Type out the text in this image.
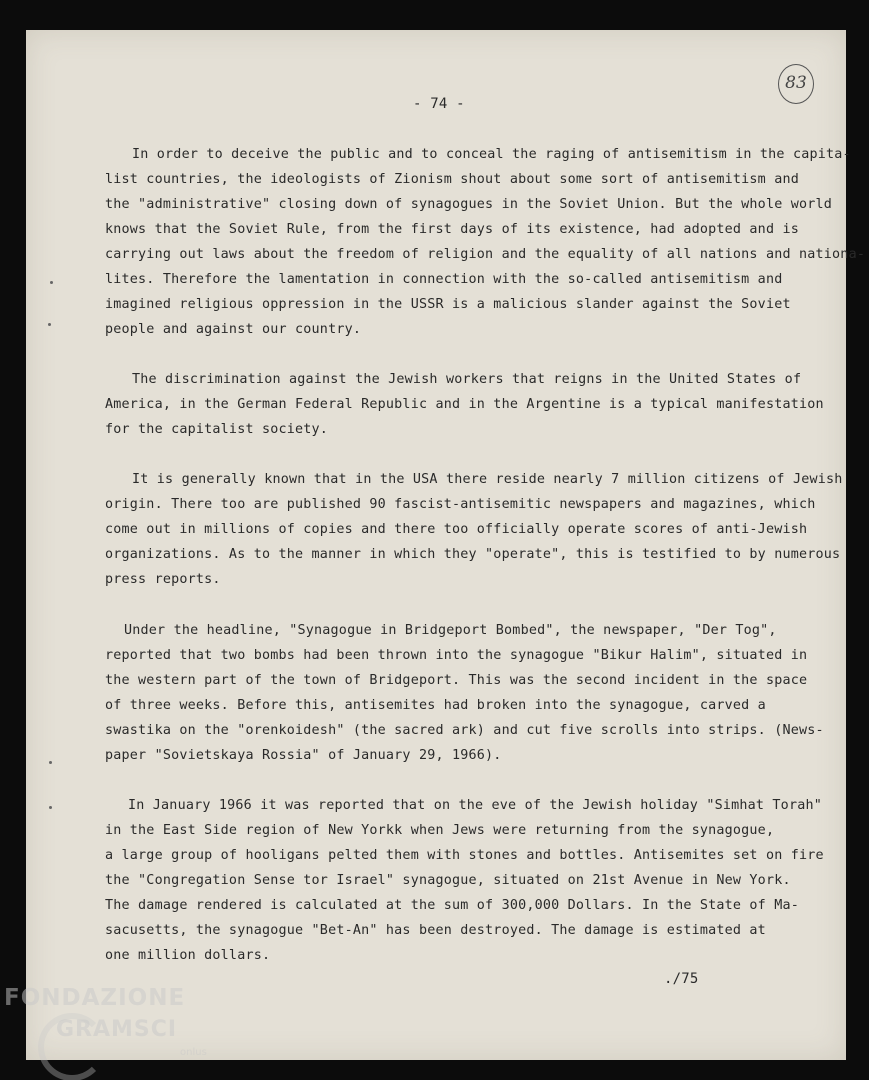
- 74 -
83

In order to deceive the public and to conceal the raging of antisemitism in the capita-

list countries, the ideologists of Zionism shout about some sort of antisemitism and

the "administrative" closing down of synagogues in the Soviet Union. But the whole world

knows that the Soviet Rule, from the first days of its existence, had adopted and is

carrying out laws about the freedom of religion and the equality of all nations and nationa-

lites. Therefore the lamentation in connection with the so-called antisemitism and

imagined religious oppression in the USSR is a malicious slander against the Soviet

people and against our country.

The discrimination against the Jewish workers that reigns in the United States of

America, in the German Federal Republic and in the Argentine is a typical manifestation

for the capitalist society.

It is generally known that in the USA there reside nearly 7 million citizens of Jewish

origin. There too are published 90 fascist-antisemitic newspapers and magazines, which

come out in millions of copies and there too officially operate scores of anti-Jewish

organizations. As to the manner in which they "operate", this is testified to by numerous

press reports.

Under the headline, "Synagogue in Bridgeport Bombed", the newspaper, "Der Tog",

reported that two bombs had been thrown into the synagogue "Bikur Halim", situated in

the western part of the town of Bridgeport. This was the second incident in the space

of three weeks. Before this, antisemites had broken into the synagogue, carved a

swastika on the "orenkoidesh" (the sacred ark) and cut five scrolls into strips. (News-

paper "Sovietskaya Rossia" of January 29, 1966).

In January 1966 it was reported that on the eve of the Jewish holiday "Simhat Torah"

in the East Side region of New Yorkk when Jews were returning from the synagogue,

a large group of hooligans pelted them with stones and bottles. Antisemites set on fire

the "Congregation Sense tor Israel" synagogue, situated on 21st Avenue in New York.

The damage rendered is calculated at the sum of 300,000 Dollars. In the State of Ma-

sacusetts, the synagogue "Bet-An" has been destroyed. The damage is estimated at

one million dollars.

./75
FONDAZIONE
GRAMSCI
onlus
